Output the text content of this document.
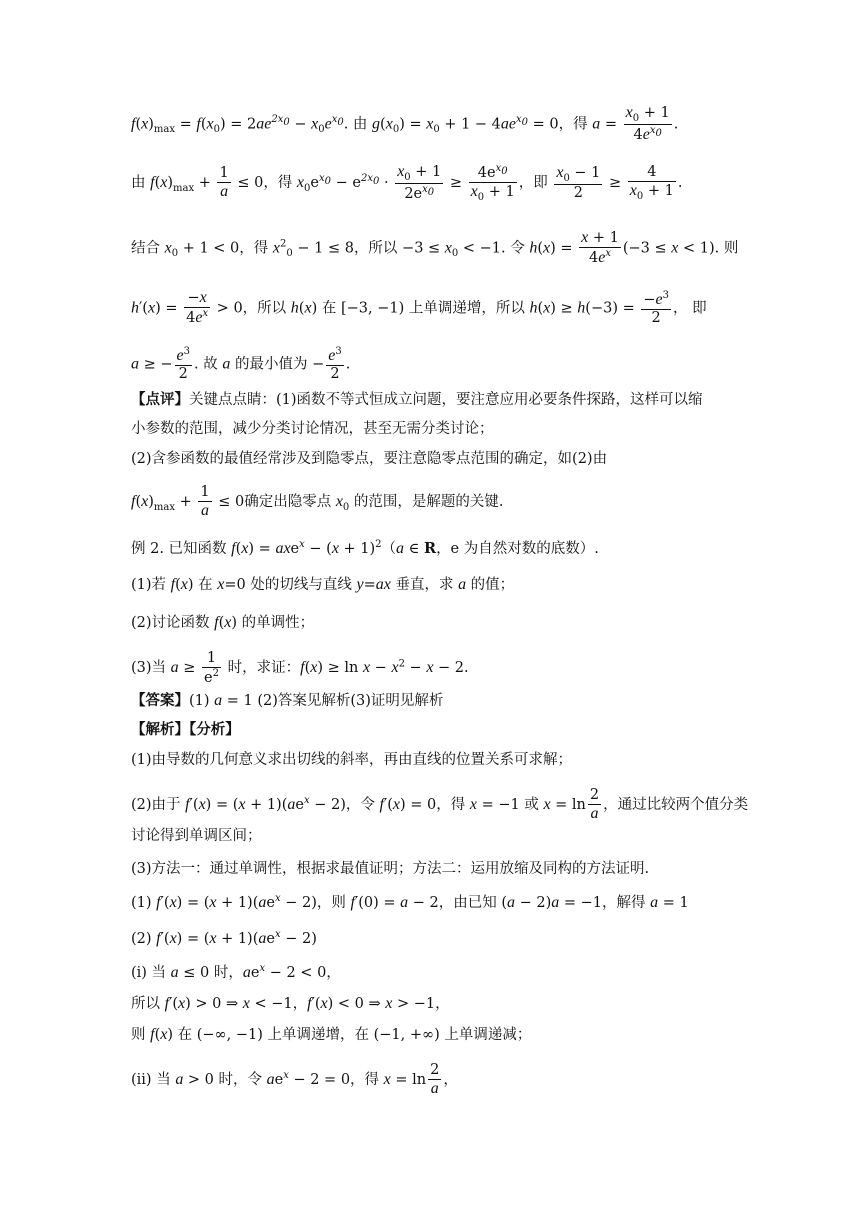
$f(x)_{max} = f(x_0) = 2ae^{2x_0} - x_0e^{x_0}$. 由 $g(x_0) = x_0 + 1 - 4ae^{x_0} = 0$，得 $a = \frac{x_0 + 1}{4e^{x_0}}$ .
由 $f(x)_{max} + \frac{1}{a} \le 0$，得 $x_0e^{x_0} - e^{2x_0} \cdot \frac{x_0 + 1}{2e^{x_0}} \ge \frac{4e^{x_0}}{x_0 + 1}$ ，即 $\frac{x_0 - 1}{2} \ge \frac{4}{x_0 + 1}$ .
结合 $x_0 + 1 < 0$，得 $x^2_0 - 1 \le 8$，所以 $-3 \le x_0 < -1$. 令 $h(x) = \frac{x + 1}{4e^x} (-3 \le x < 1)$. 则
$h'(x) = \frac{-x}{4e^x} > 0$，所以 h(x) 在 [−3, −1) 上单调递增，所以 $h(x) \ge h(-3) = \frac{-e^3}{2}$ ， 即
a ≥ − $\frac{e^3}{2}$ . 故 a 的最小值为 − $\frac{e^3}{2}$ .
【点评】关键点点睛：(1)函数不等式恒成立问题，要注意应用必要条件探路，这样可以缩
小参数的范围，减少分类讨论情况，甚至无需分类讨论；
(2)含参函数的最值经常涉及到隐零点，要注意隐零点范围的确定，如(2)由
$f(x)_{max} + \frac{1}{a} \le 0$确定出隐零点 $x_0$ 的范围，是解题的关键.
例 2. 已知函数 $f(x) = axe^x - (x + 1)^2(a$ ∈ R，e 为自然对数的底数）.
(1)若 f(x) 在 x=0 处的切线与直线 y=ax 垂直，求 a 的值；
(2)讨论函数 f(x) 的单调性；
(3)当 $a \ge \frac{1}{e^2}$ 时，求证：$f(x) \ge \ln x - x^2 - x - 2$.
【答案】(1) a = 1 (2)答案见解析(3)证明见解析
【解析】【分析】
(1)由导数的几何意义求出切线的斜率，再由直线的位置关系可求解；
(2)由于 $f'(x) = (x + 1)(ae^x - 2)$，令 f′(x) = 0，得 x = −1 或 $x = \ln \frac{2}{a}$ ，通过比较两个值分类
讨论得到单调区间；
(3)方法一：通过单调性，根据求最值证明；方法二：运用放缩及同构的方法证明.
(1) $f'(x) = (x + 1)(ae^x - 2)$，则 f′(0) = a − 2，由已知 (a − 2)a = −1，解得 a = 1
(2) $f'(x) = (x + 1)(ae^x - 2)$
(ⅰ) 当 a ≤ 0 时，$ae^x - 2 < 0$，
所以 f′(x) > 0 ⇒ x < −1，f′(x) < 0 ⇒ x > −1，
则 f(x) 在 (−∞, −1) 上单调递增，在 (−1, +∞) 上单调递减；
(ⅱ) 当 a > 0 时，令 $ae^x - 2 = 0$，得 $x = \ln \frac{2}{a}$ ，
